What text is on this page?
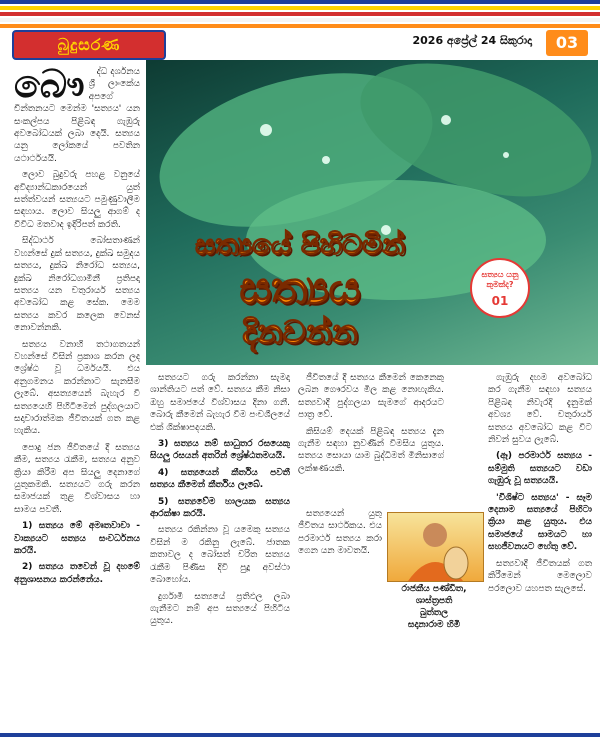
බුදුසරණ	2026 අප්‍රේල් 24 සිකුරාදා	03
බෞ	ද්ධ දර්ශනය ශ්‍රී ලාංකේය අපගේ චින්තනයට මෙන්ම 'සත්‍යය' යන සංකල්පය පිළිබඳ ගැඹුරු අවබෝධයක් ලබා දෙයි. සත්‍යය යනු ලෝකයේ පවතින යථාර්ථයයි.

ලොව බුදුවරු පහළ වනුයේ අවිද්‍යාන්ධකාරයෙන් යුත් සත්ත්වයන් සත්‍යයට පමුණුවාලීම සඳහාය. ලොව සියලු ආගම් ද විවිධ මතවාද ඉදිරිපත් කරති.

සිද්ධාර්ථ බෝසතාණන් වහන්සේ දුක් සත්‍යය, දුක්ඛ සමුදය සත්‍යය, දුක්ඛ නිරෝධ සත්‍යය, දුක්ඛ නිරෝධගාමිනී ප්‍රතිපදා සත්‍යය යන චතුරාර්ය සත්‍යය අවබෝධ කළ සේක. මෙම සත්‍යය කවර කලෙක වෙනස් නොවන්නකි.

සත්‍යය වනාහි තථාගතයන් වහන්සේ විසින් ප්‍රකාශ කරන ලද ශ්‍රේෂ්ඨ වූ ධර්මයයි. එය අනුගමනය කරන්නාට සැනසීම ලැබේ. අසත්‍යයෙන් බැහැර වී සත්‍යයෙහි පිහිටීමෙන් පුද්ගලයාට සදාචාරාත්මක ජීවිතයක් ගත කළ හැකිය.

පොදු ජන ජීවිතයේ දී සත්‍යය කීම, සත්‍යය රැකීම, සත්‍යය අනුව ක්‍රියා කිරීම අප සියලු දෙනාගේ යුතුකමකි. සත්‍යයට ගරු කරන සමාජයක් තුළ විශ්වාසය හා සාමය පවතී.

1) සත්‍යය මේ අමෘතවාචා - වාක්‍යයට සත්‍යය සංවර්ධනය කරයි.

2) සත්‍යය තවෙන් වූ දහමේ අනුශාසනය කරන්නේය.

සත්‍යයේ පිහිටමින්
සත්‍යය
දිනවන්න
සත්‍යය යනු කුමක්ද?
01

සත්‍යයට ගරු කරන්නා සැමදා ශාන්තියට පත් වේ. සත්‍යය කීම නිසා ඔහු සමාජයේ විශ්වාසය දිනා ගනී. බොරු කීමෙන් බැහැර වීම පංචශීලයේ එක් ශික්ෂාපදයකි.

3) සත්‍යය නම් සාධුතර රසයෙකු සියලු රසයන් අතරින් ශ්‍රේෂ්ඨතමයයි.

4) සත්‍යයෙන් කීර්තිය පවතී සත්‍යය කීමෙන් කීර්තිය ලැබේ.

5) සත්‍යවේම හාලයක සත්‍යය ආරක්ෂා කරයි.

සත්‍යය රකින්නා වූ යමෙකු සත්‍යය විසින් ම රකිනු ලැබේ. ජාතක කතාවල ද බෝසත් චරිත සත්‍යය රැකීම පිණිස දිවි පුදූ අවස්ථා බොහෝය.

දුර්ගාමී සත්‍යයේ ප්‍රතිඵල ලබා ගැනීමට නම් අප සත්‍යයේ පිහිටිය යුතුය.

ජීවිතයේ දී සත්‍යය කීමෙන් කෙනෙකු ලබන ගෞරවය මිල කළ නොහැකිය. සත්‍යවාදී පුද්ගලයා සැමගේ ආදරයට පාත්‍ර වේ.

කිසියම් දෙයක් පිළිබඳ සත්‍යය දැන ගැනීම සඳහා නුවණින් විමසිය යුතුය. සත්‍යය සොයා යාම බුද්ධිමත් මිනිසාගේ ලක්ෂණයකි.

සත්‍යයෙන් යුතු ජීවිතය සාර්ථකය. එය පරමාර්ථ සත්‍යය කරා ගෙන යන මාවතයි.

රාජකීය පණ්ඩිත,
ශාස්ත්‍රපති
බුත්තල
සදානාරාම හිමි

ගැඹුරු දහම අවබෝධ කර ගැනීම සඳහා සත්‍යය පිළිබඳ නිවැරදි දැනුමක් අවශ්‍ය වේ. චතුරාර්ය සත්‍යය අවබෝධ කළ විට නිවන් සුවය ලැබේ.

(ඈ) පරමාර්ථ සත්‍යය - සම්මුති සත්‍යයට වඩා ගැඹුරු වූ සත්‍යයයි.

'විශිෂ්ට සත්‍යය' - සෑම දෙනාම සත්‍යයේ පිහිටා ක්‍රියා කළ යුතුය. එය සමාජයේ සාමයට හා සහජීවනයට හේතු වේ.

සත්‍යවාදී ජීවිතයක් ගත කිරීමෙන් මෙලොව පරලොව යහපත සැලසේ.
